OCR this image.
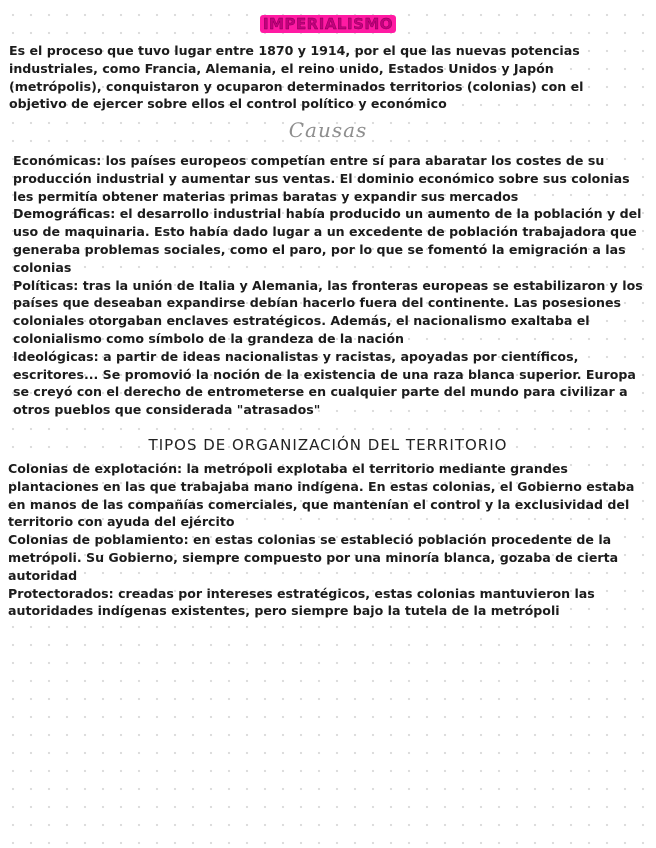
IMPERIALISMO

Es el proceso que tuvo lugar entre 1870 y 1914, por el que las nuevas potencias industriales, como Francia, Alemania, el reino unido, Estados Unidos y Japón (metrópolis), conquistaron y ocuparon determinados territorios (colonias) con el objetivo de ejercer sobre ellos el control político y económico

Causas

Económicas: los países europeos competían entre sí para abaratar los costes de su producción industrial y aumentar sus ventas. El dominio económico sobre sus colonias les permitía obtener materias primas baratas y expandir sus mercados

Demográficas: el desarrollo industrial había producido un aumento de la población y del uso de maquinaria. Esto había dado lugar a un excedente de población trabajadora que generaba problemas sociales, como el paro, por lo que se fomentó la emigración a las colonias

Políticas: tras la unión de Italia y Alemania, las fronteras europeas se estabilizaron y los países que deseaban expandirse debían hacerlo fuera del continente. Las posesiones coloniales otorgaban enclaves estratégicos. Además, el nacionalismo exaltaba el colonialismo como símbolo de la grandeza de la nación

Ideológicas: a partir de ideas nacionalistas y racistas, apoyadas por científicos, escritores... Se promovió la noción de la existencia de una raza blanca superior. Europa se creyó con el derecho de entrometerse en cualquier parte del mundo para civilizar a otros pueblos que considerada "atrasados"

TIPOS DE ORGANIZACIÓN DEL TERRITORIO

Colonias de explotación: la metrópoli explotaba el territorio mediante grandes plantaciones en las que trabajaba mano indígena. En estas colonias, el Gobierno estaba en manos de las compañías comerciales, que mantenían el control y la exclusividad del territorio con ayuda del ejército

Colonias de poblamiento: en estas colonias se estableció población procedente de la metrópoli. Su Gobierno, siempre compuesto por una minoría blanca, gozaba de cierta autoridad

Protectorados: creadas por intereses estratégicos, estas colonias mantuvieron las autoridades indígenas existentes, pero siempre bajo la tutela de la metrópoli
